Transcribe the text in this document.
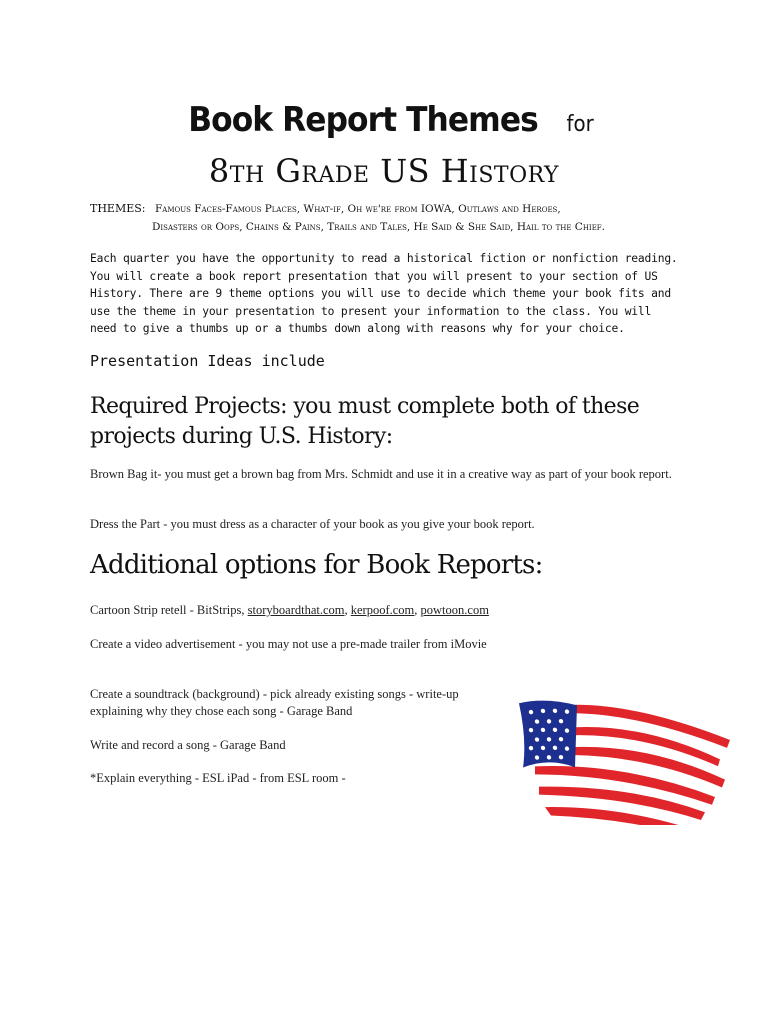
Book Report Themes for
8th Grade US History
THEMES: Famous Faces-Famous Places, What-if, Oh we're from IOWA, Outlaws and Heroes,
Disasters or Oops, Chains & Pains, Trails and Tales, He Said & She Said, Hail to the Chief.
Each quarter you have the opportunity to read a historical fiction or nonfiction reading. You will create a book report presentation that you will present to your section of US History. There are 9 theme options you will use to decide which theme your book fits and use the theme in your presentation to present your information to the class. You will need to give a thumbs up or a thumbs down along with reasons why for your choice.
Presentation Ideas include
Required Projects: you must complete both of these projects during U.S. History:
Brown Bag it- you must get a brown bag from Mrs. Schmidt and use it in a creative way as part of your book report.
Dress the Part - you must dress as a character of your book as you give your book report.
Additional options for Book Reports:
Cartoon Strip retell - BitStrips, storyboardthat.com, kerpoof.com, powtoon.com
Create a video advertisement - you may not use a pre-made trailer from iMovie
Create a soundtrack (background) - pick already existing songs - write-up explaining why they chose each song - Garage Band
Write and record a song - Garage Band
*Explain everything - ESL iPad - from ESL room -
